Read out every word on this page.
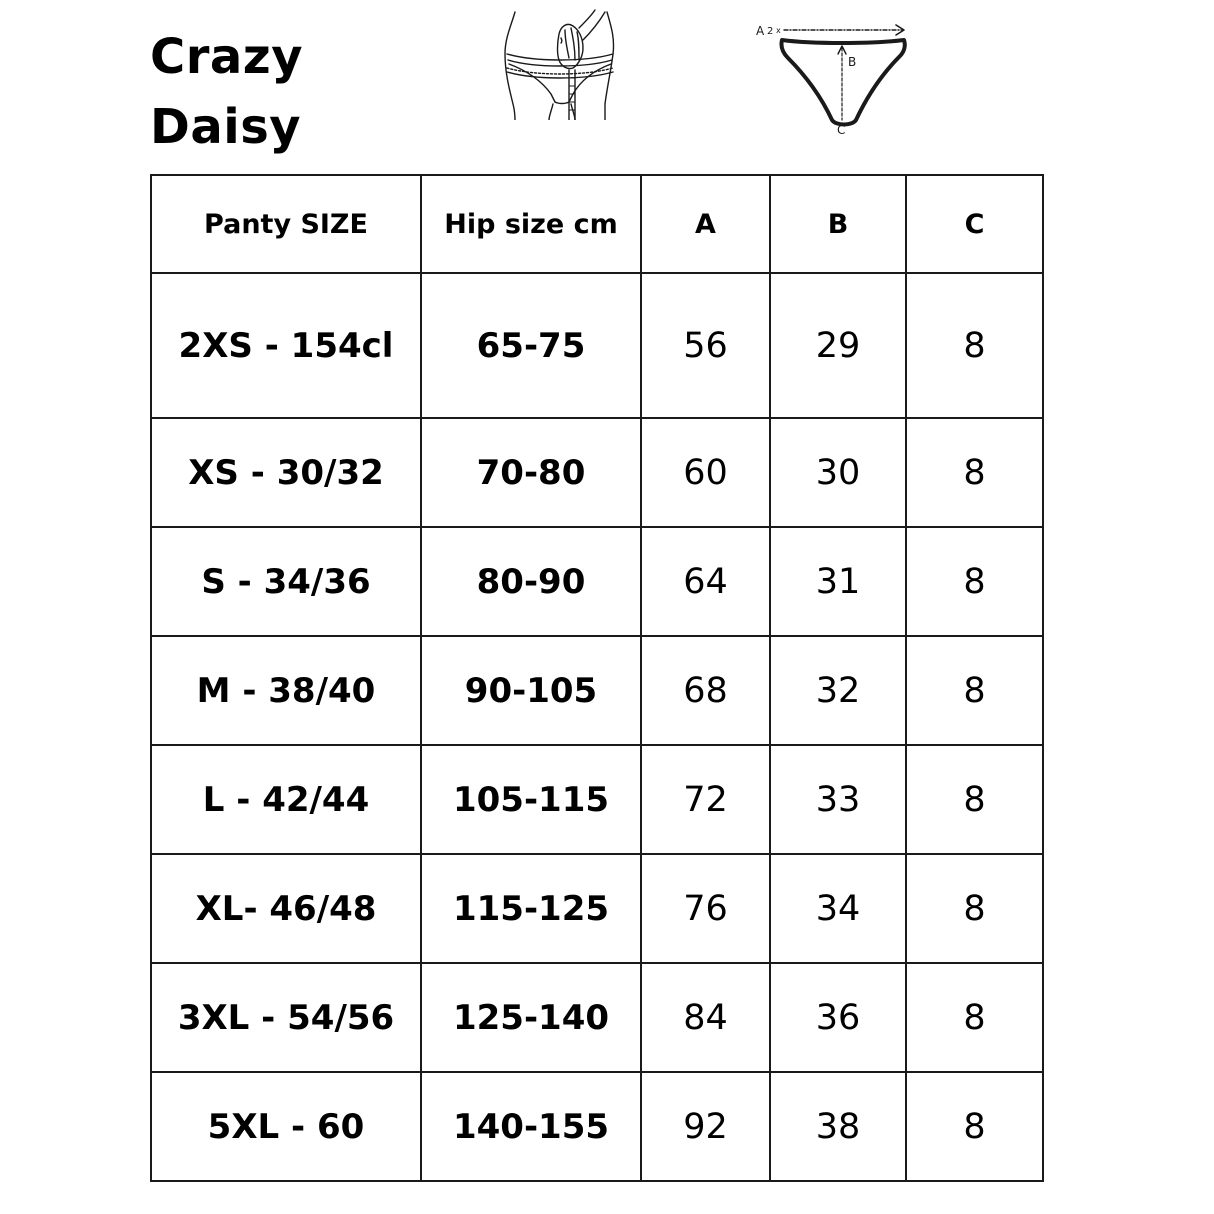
Crazy
Daisy
A 2 x
B
C
Panty SIZE	Hip size cm	A	B	C
2XS - 154cl	65-75	56	29	8
XS - 30/32	70-80	60	30	8
S - 34/36	80-90	64	31	8
M - 38/40	90-105	68	32	8
L - 42/44	105-115	72	33	8
XL- 46/48	115-125	76	34	8
3XL - 54/56	125-140	84	36	8
5XL - 60	140-155	92	38	8
